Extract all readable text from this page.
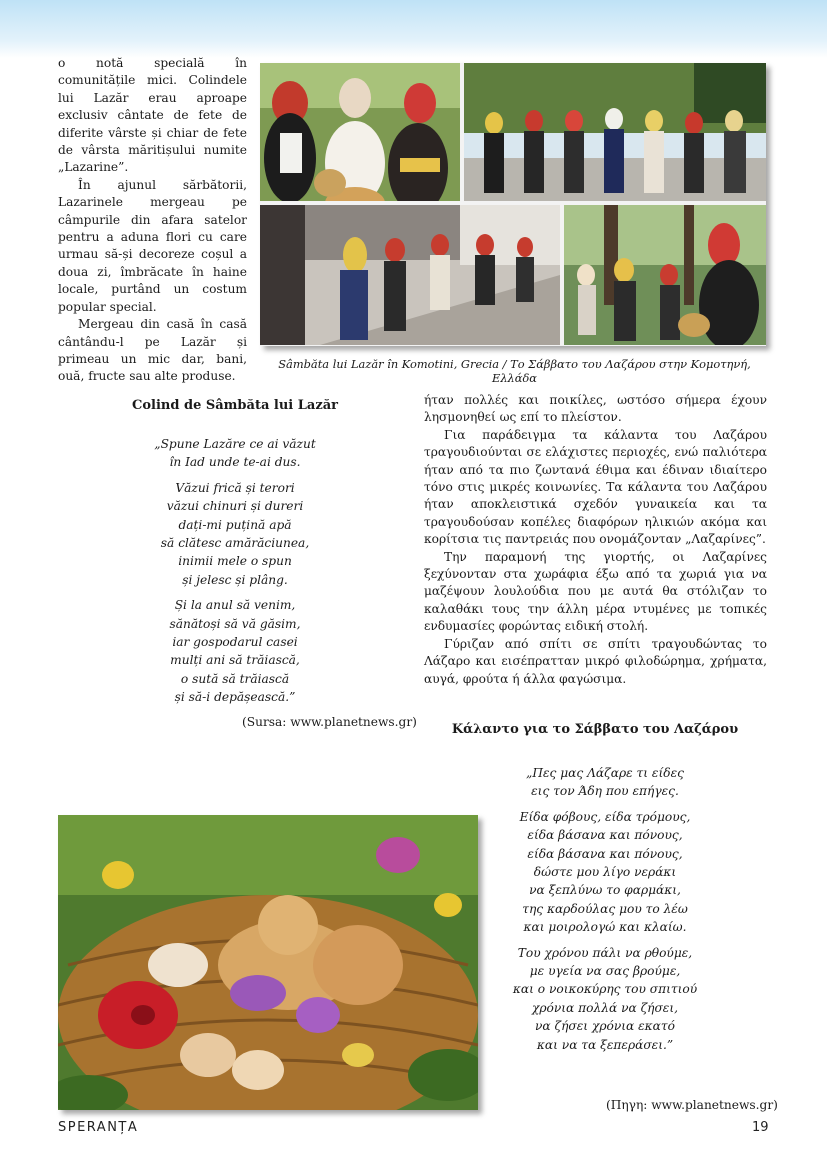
o notă specială în comunitățile mici. Colindele lui Lazăr erau aproape exclusiv cântate de fete de diferite vârste și chiar de fete de vârsta măritișului numite „Lazarine”.

În ajunul sărbătorii, Lazarinele mergeau pe câmpurile din afara satelor pentru a aduna flori cu care urmau să-și decoreze coșul a doua zi, îmbrăcate în haine locale, purtând un costum popular special.

Mergeau din casă în casă cântându-l pe Lazăr și primeau un mic dar, bani, ouă, fructe sau alte produse.

Sâmbăta lui Lazăr în Komotini, Grecia / Το Σάββατο του Λαζάρου στην Κομοτηνή, Ελλάδα
Colind de Sâmbăta lui Lazăr
„Spune Lazăre ce ai văzut
în Iad unde te-ai dus.
Văzui frică și terori
văzui chinuri și dureri
dați-mi puțină apă
să clătesc amărăciunea,
inimii mele o spun
și jelesc și plâng.
Și la anul să venim,
sănătoși să vă găsim,
iar gospodarul casei
mulți ani să trăiască,
o sută să trăiască
și să-i depășească.”
(Sursa: www.planetnews.gr)

ήταν πολλές και ποικίλες, ωστόσο σήμερα έχουν λησμονηθεί ως επί το πλείστον.

Για παράδειγμα τα κάλαντα του Λαζάρου τραγουδιούνται σε ελάχιστες περιοχές, ενώ παλιότερα ήταν από τα πιο ζωντανά έθιμα και έδιναν ιδιαίτερο τόνο στις μικρές κοινωνίες. Τα κάλαντα του Λαζάρου ήταν αποκλειστικά σχεδόν γυναικεία και τα τραγουδούσαν κοπέλες διαφόρων ηλικιών ακόμα και κορίτσια τις παντρειάς που ονομάζονταν „Λαζαρίνες”.

Την παραμονή της γιορτής, οι Λαζαρίνες ξεχύνονταν στα χωράφια έξω από τα χωριά για να μαζέψουν λουλούδια που με αυτά θα στόλιζαν το καλαθάκι τους την άλλη μέρα ντυμένες με τοπικές ενδυμασίες φορώντας ειδική στολή.

Γύριζαν από σπίτι σε σπίτι τραγουδώντας το Λάζαρο και εισέπρατταν μικρό φιλοδώρημα, χρήματα, αυγά, φρούτα ή άλλα φαγώσιμα.

Κάλαντο για το Σάββατο του Λαζάρου
„Πες μας Λάζαρε τι είδες
εις τον Άδη που επήγες.
Είδα φόβους, είδα τρόμους,
είδα βάσανα και πόνους,
είδα βάσανα και πόνους,
δώστε μου λίγο νεράκι
να ξεπλύνω το φαρμάκι,
της καρδούλας μου το λέω
και μοιρολογώ και κλαίω.
Του χρόνου πάλι να ρθούμε,
με υγεία να σας βρούμε,
και ο νοικοκύρης του σπιτιού
χρόνια πολλά να ζήσει,
να ζήσει χρόνια εκατό
και να τα ξεπεράσει.”
(Πηγη: www.planetnews.gr)
SPERANȚA	19
